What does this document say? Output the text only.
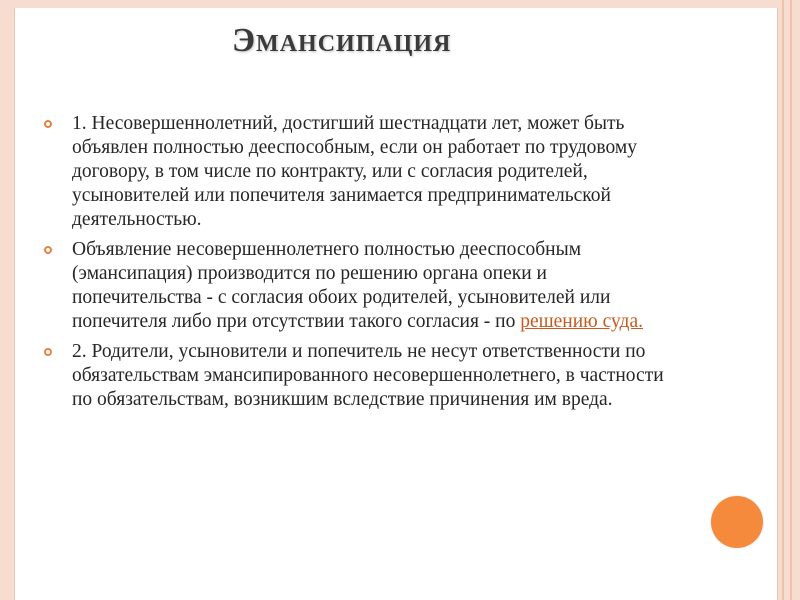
Эмансипация
1. Несовершеннолетний, достигший шестнадцати лет, может быть объявлен полностью дееспособным, если он работает по трудовому договору, в том числе по контракту, или с согласия родителей, усыновителей или попечителя занимается предпринимательской деятельностью.
Объявление несовершеннолетнего полностью дееспособным (эмансипация) производится по решению органа опеки и попечительства - с согласия обоих родителей, усыновителей или попечителя либо при отсутствии такого согласия - по решению суда.
2. Родители, усыновители и попечитель не несут ответственности по обязательствам эмансипированного несовершеннолетнего, в частности по обязательствам, возникшим вследствие причинения им вреда.
